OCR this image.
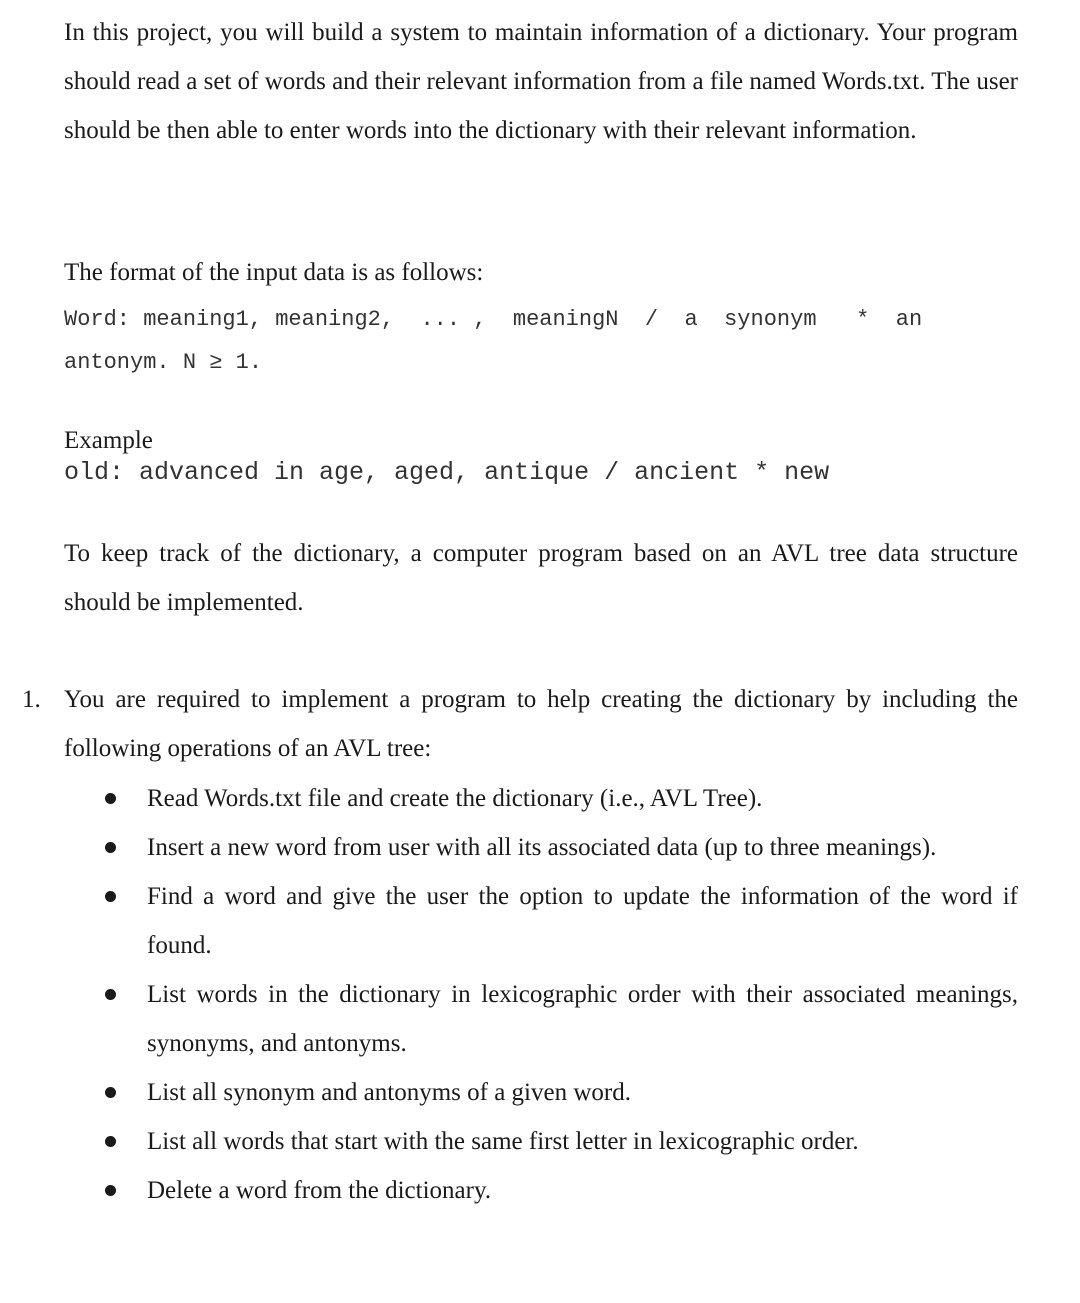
In this project, you will build a system to maintain information of a dictionary. Your program should read a set of words and their relevant information from a file named Words.txt. The user should be then able to enter words into the dictionary with their relevant information.

The format of the input data is as follows:

Word: meaning1, meaning2,  ... ,  meaningN  /  a  synonym   *  an
antonym. N ≥ 1.

Example

old: advanced in age, aged, antique / ancient * new

To keep track of the dictionary, a computer program based on an AVL tree data structure should be implemented.

1. You are required to implement a program to help creating the dictionary by including the following operations of an AVL tree:

Read Words.txt file and create the dictionary (i.e., AVL Tree).
Insert a new word from user with all its associated data (up to three meanings).
Find a word and give the user the option to update the information of the word if found.
List words in the dictionary in lexicographic order with their associated meanings, synonyms, and antonyms.
List all synonym and antonyms of a given word.
List all words that start with the same first letter in lexicographic order.
Delete a word from the dictionary.
